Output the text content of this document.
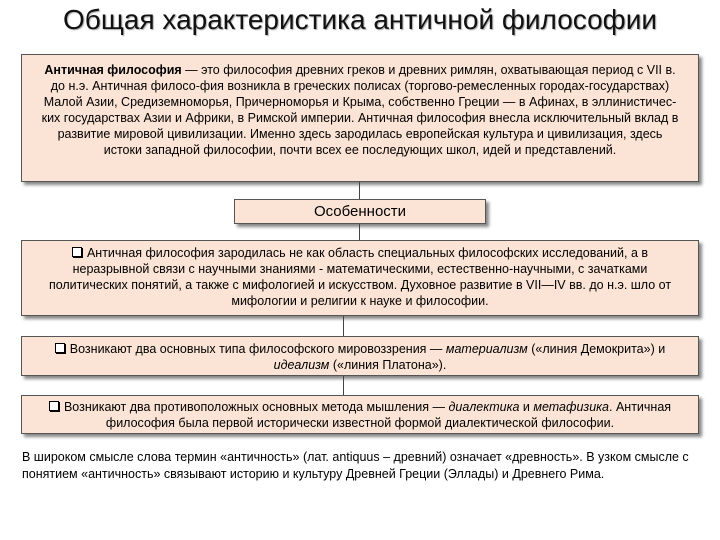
Общая характеристика античной философии
Античная философия — это философия древних греков и древних римлян, охватывающая период с VII в. до н.э. Античная филосо-фия возникла в греческих полисах (торгово-ремесленных городах-государствах) Малой Азии, Средиземноморья, Причерноморья и Крыма, собственно Греции — в Афинах, в эллинистичес-ких государствах Азии и Африки, в Римской империи. Античная философия внесла исключительный вклад в развитие мировой цивилизации. Именно здесь зародилась европейская культура и цивилизация, здесь истоки западной философии, почти всех ее последующих школ, идей и представлений.
Особенности
Античная философия зародилась не как область специальных философских исследований, а в неразрывной связи с научными знаниями - математическими, естественно-научными, с зачатками политических понятий, а также с мифологией и искусством. Духовное развитие в VII—IV вв. до н.э. шло от мифологии и религии к науке и философии.
Возникают два основных типа философского мировоззрения — материализм («линия Демокрита») и идеализм («линия Платона»).
Возникают два противоположных основных метода мышления — диалектика и метафизика. Античная философия была первой исторически известной формой диалектической философии.
В широком смысле слова термин «античность» (лат. antiquus – древний) означает «древность». В узком смысле с понятием «античность» связывают историю и культуру Древней Греции (Эллады) и Древнего Рима.
